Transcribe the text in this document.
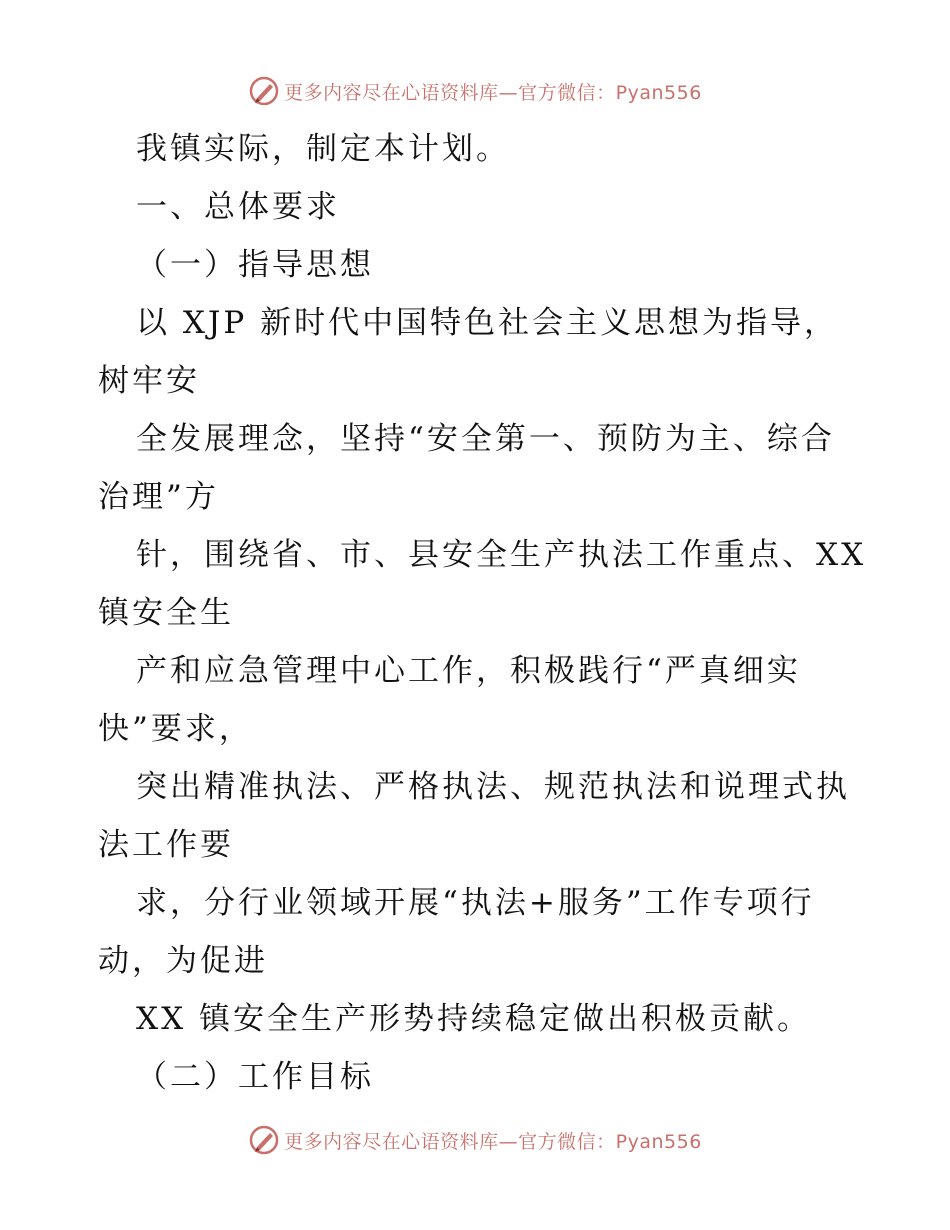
更多内容尽在心语资料库—官方微信：Pyan556
我镇实际，制定本计划。
一、总体要求
（一）指导思想
以 XJP 新时代中国特色社会主义思想为指导，
树牢安
全发展理念，坚持“安全第一、预防为主、综合
治理”方
针，围绕省、市、县安全生产执法工作重点、XX
镇安全生
产和应急管理中心工作，积极践行“严真细实
快”要求，
突出精准执法、严格执法、规范执法和说理式执
法工作要
求，分行业领域开展“执法+服务”工作专项行
动，为促进
XX 镇安全生产形势持续稳定做出积极贡献。
（二）工作目标
更多内容尽在心语资料库—官方微信：Pyan556
